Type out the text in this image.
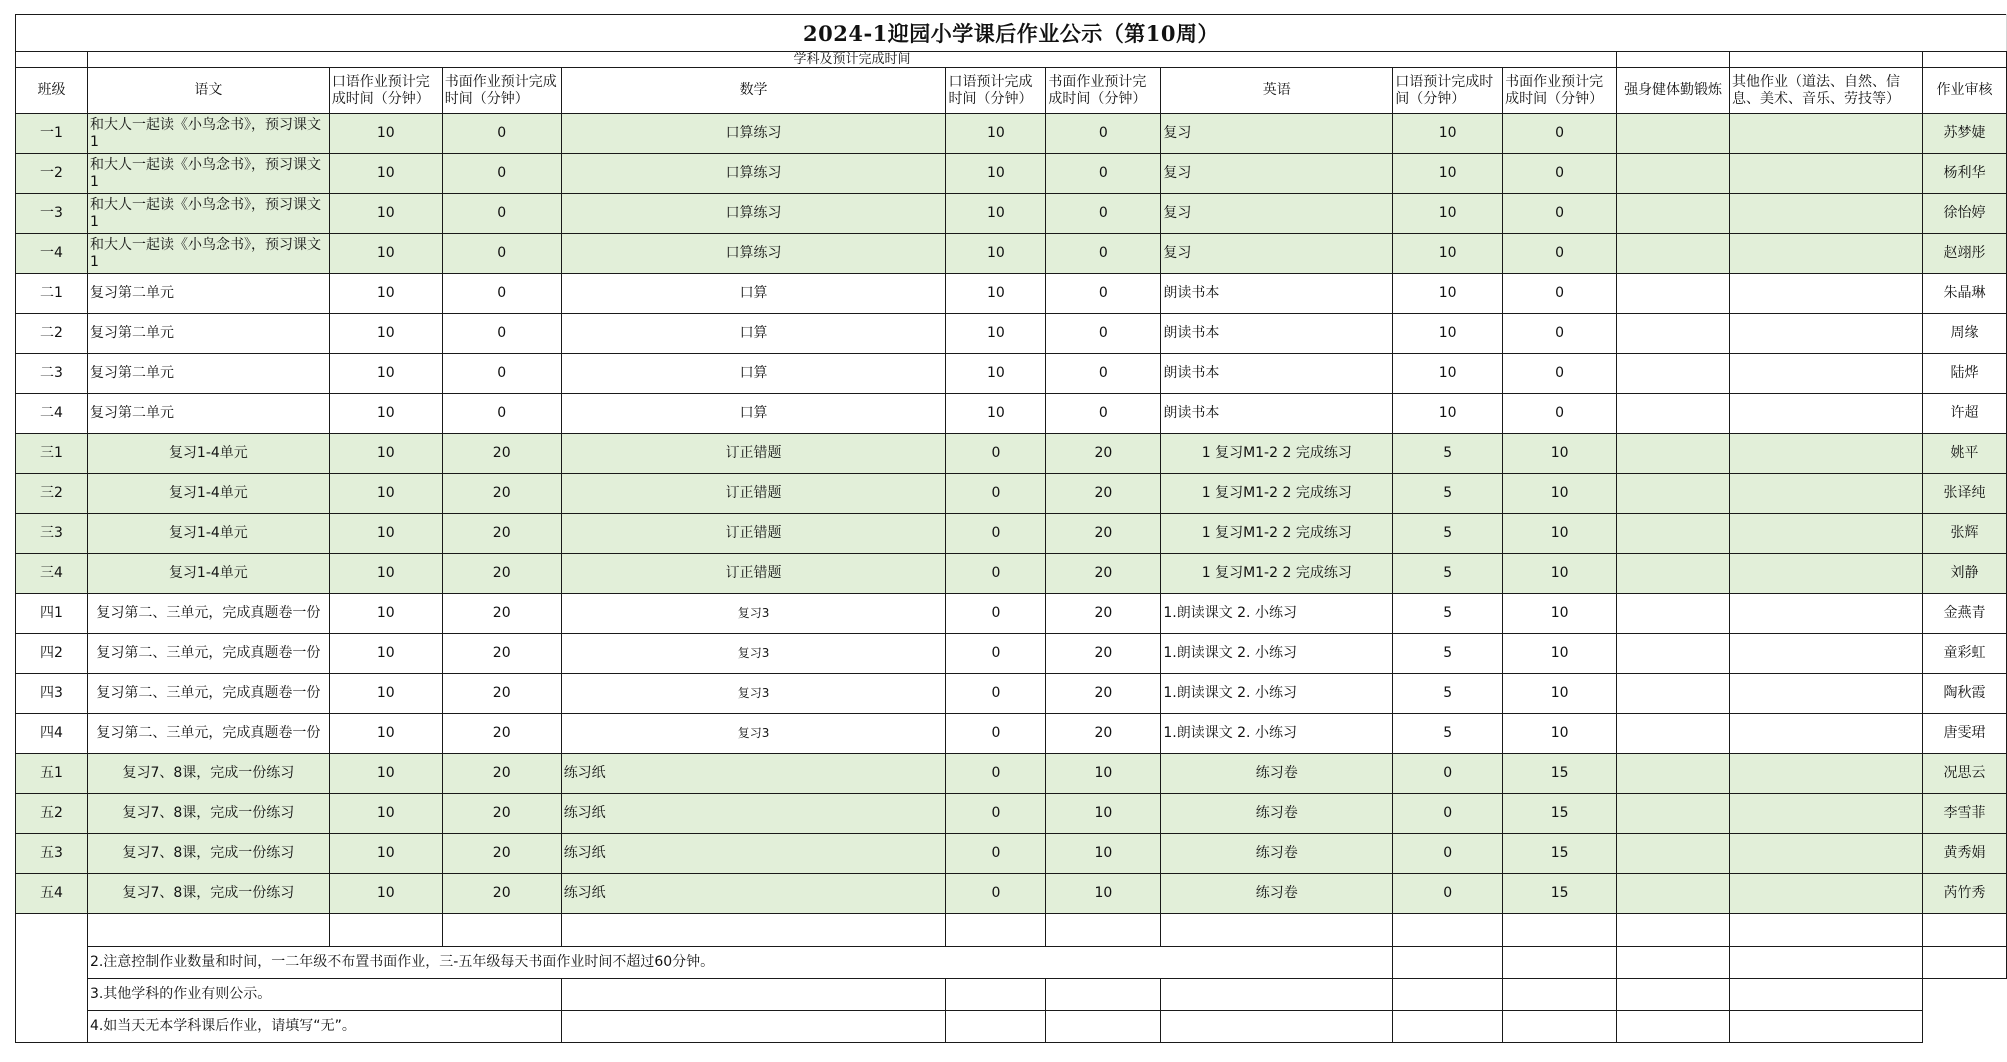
2024-1迎园小学课后作业公示（第10周）												
	学科及预计完成时间											
班级	语文	口语作业预计完成时间（分钟）	书面作业预计完成时间（分钟）	数学	口语预计完成时间（分钟）	书面作业预计完成时间（分钟）	英语	口语预计完成时间（分钟）	书面作业预计完成时间（分钟）	强身健体勤锻炼	其他作业（道法、自然、信息、美术、音乐、劳技等）	作业审核
一1	和大人一起读《小鸟念书》，预习课文1	10	0	口算练习	10	0	复习	10	0			苏梦婕
一2	和大人一起读《小鸟念书》，预习课文1	10	0	口算练习	10	0	复习	10	0			杨利华
一3	和大人一起读《小鸟念书》，预习课文1	10	0	口算练习	10	0	复习	10	0			徐怡婷
一4	和大人一起读《小鸟念书》，预习课文1	10	0	口算练习	10	0	复习	10	0			赵翊彤
二1	复习第二单元	10	0	口算	10	0	朗读书本	10	0			朱晶琳
二2	复习第二单元	10	0	口算	10	0	朗读书本	10	0			周缘
二3	复习第二单元	10	0	口算	10	0	朗读书本	10	0			陆烨
二4	复习第二单元	10	0	口算	10	0	朗读书本	10	0			许超
三1	复习1-4单元	10	20	订正错题	0	20	1 复习M1-2 2 完成练习	5	10			姚平
三2	复习1-4单元	10	20	订正错题	0	20	1 复习M1-2 2 完成练习	5	10			张译纯
三3	复习1-4单元	10	20	订正错题	0	20	1 复习M1-2 2 完成练习	5	10			张辉
三4	复习1-4单元	10	20	订正错题	0	20	1 复习M1-2 2 完成练习	5	10			刘静
四1	复习第二、三单元，完成真题卷一份	10	20	复习3	0	20	1.朗读课文 2. 小练习	5	10			金燕青
四2	复习第二、三单元，完成真题卷一份	10	20	复习3	0	20	1.朗读课文 2. 小练习	5	10			童彩虹
四3	复习第二、三单元，完成真题卷一份	10	20	复习3	0	20	1.朗读课文 2. 小练习	5	10			陶秋霞
四4	复习第二、三单元，完成真题卷一份	10	20	复习3	0	20	1.朗读课文 2. 小练习	5	10			唐雯珺
五1	复习7、8课，完成一份练习	10	20	练习纸	0	10	练习卷	0	15			况思云
五2	复习7、8课，完成一份练习	10	20	练习纸	0	10	练习卷	0	15			李雪菲
五3	复习7、8课，完成一份练习	10	20	练习纸	0	10	练习卷	0	15			黄秀娟
五4	复习7、8课，完成一份练习	10	20	练习纸	0	10	练习卷	0	15			芮竹秀

	2.注意控制作业数量和时间，一二年级不布置书面作业，三-五年级每天书面作业时间不超过60分钟。											
	3.其他学科的作业有则公示。											
	4.如当天无本学科课后作业，请填写“无”。											
